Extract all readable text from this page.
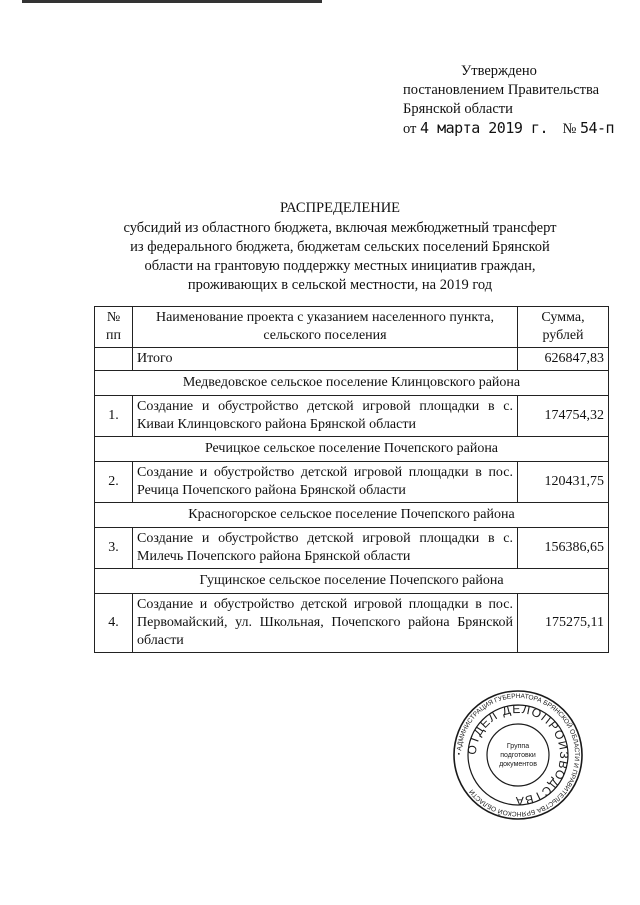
Утверждено
постановлением Правительства
Брянской области
от 4 марта 2019 г. № 54-п
РАСПРЕДЕЛЕНИЕ
субсидий из областного бюджета, включая межбюджетный трансферт
из федерального бюджета, бюджетам сельских поселений Брянской
области на грантовую поддержку местных инициатив граждан,
проживающих в сельской местности, на 2019 год
№ пп	Наименование проекта с указанием населенного пункта, сельского поселения	Сумма, рублей
	Итого	626847,83
Медведовское сельское поселение Клинцовского района		
1.	Создание и обустройство детской игровой площадки в с. Киваи Клинцовского района Брянской области	174754,32
Речицкое сельское поселение Почепского района		
2.	Создание и обустройство детской игровой площадки в пос. Речица Почепского района Брянской области	120431,75
Красногорское сельское поселение Почепского района		
3.	Создание и обустройство детской игровой площадки в с. Милечь Почепского района Брянской области	156386,65
Гущинское сельское поселение Почепского района		
4.	Создание и обустройство детской игровой площадки в пос. Первомайский, ул. Школьная, Почепского района Брянской области	175275,11
• АДМИНИСТРАЦИЯ ГУБЕРНАТОРА БРЯНСКОЙ ОБЛАСТИ И ПРАВИТЕЛЬСТВА БРЯНСКОЙ ОБЛАСТИ
ОТДЕЛ ДЕЛОПРОИЗВОДСТВА
Группа
подготовки
документов
